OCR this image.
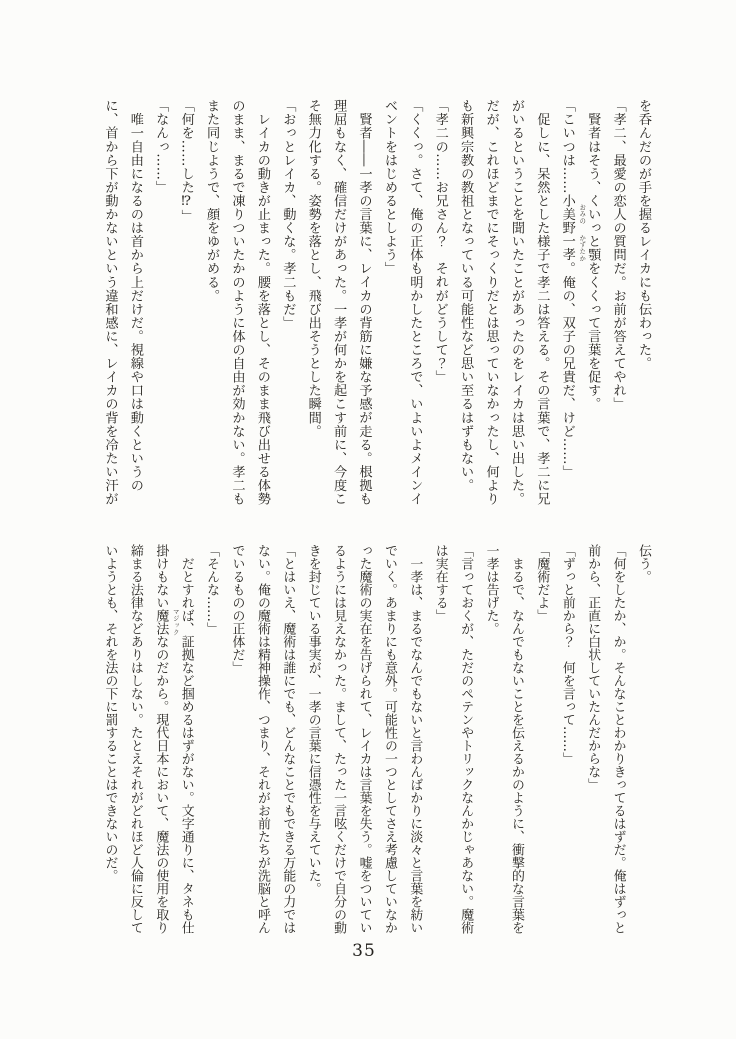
を呑んだのが手を握るレイカにも伝わった。
「孝二、最愛の恋人の質問だ。お前が答えてやれ」
　賢者はそう、くいっと顎をくくって言葉を促す。
「こいつは……小美野 おみの
一孝 かずたか
。俺の、双子の兄貴だ、けど……」
　促しに、呆然とした様子で孝二は答える。その言葉で、孝二に兄
がいるということを聞いたことがあったのをレイカは思い出した。
だが、これほどまでにそっくりだとは思っていなかったし、何より
も新興宗教の教祖となっている可能性など思い至るはずもない。
「孝二の……お兄さん？　それがどうして？」
「くくっ。さて、俺の正体も明かしたところで、いよいよメインイ
ベントをはじめるとしよう」
　賢者――一孝の言葉に、レイカの背筋に嫌な予感が走る。根拠も
理屈もなく、確信だけがあった。一孝が何かを起こす前に、今度こ
そ無力化する。姿勢を落とし、飛び出そうとした瞬間。
「おっとレイカ、動くな。孝二もだ」
　レイカの動きが止まった。腰を落とし、そのまま飛び出せる体勢
のまま、まるで凍りついたかのように体の自由が効かない。孝二も
また同じようで、顔をゆがめる。
「何を……した⁉」
「なんっ……」
　唯一自由になるのは首から上だけだ。視線や口は動くというの
に、首から下が動かないという違和感に、レイカの背を冷たい汗が
伝う。
「何をしたか、か。そんなことわかりきってるはずだ。俺はずっと
前から、正直に白状していたんだからな」
「ずっと前から？　何を言って……」
「魔術だよ」
　まるで、なんでもないことを伝えるかのように、衝撃的な言葉を
一孝は告げた。
「言っておくが、ただのペテンやトリックなんかじゃあない。魔術
は実在する」
　一孝は、まるでなんでもないと言わんばかりに淡々と言葉を紡い
でいく。あまりにも意外。可能性の一つとしてさえ考慮していなか
った魔術の実在を告げられて、レイカは言葉を失う。嘘をついてい
るようには見えなかった。まして、たった一言呟くだけで自分の動
きを封じている事実が、一孝の言葉に信憑性を与えていた。
「とはいえ、魔術は誰にでも、どんなことでもできる万能の力では
ない。俺の魔術は精神操作、つまり、それがお前たちが洗脳と呼ん
でいるものの正体だ」
「そんな……」
　だとすれば、証拠など掴めるはずがない。文字通りに、タネも仕
掛けもない魔法 マジック
なのだから。現代日本において、魔法の使用を取り
締まる法律などありはしない。たとえそれがどれほど人倫に反して
いようとも、それを法の下に罰することはできないのだ。
35
